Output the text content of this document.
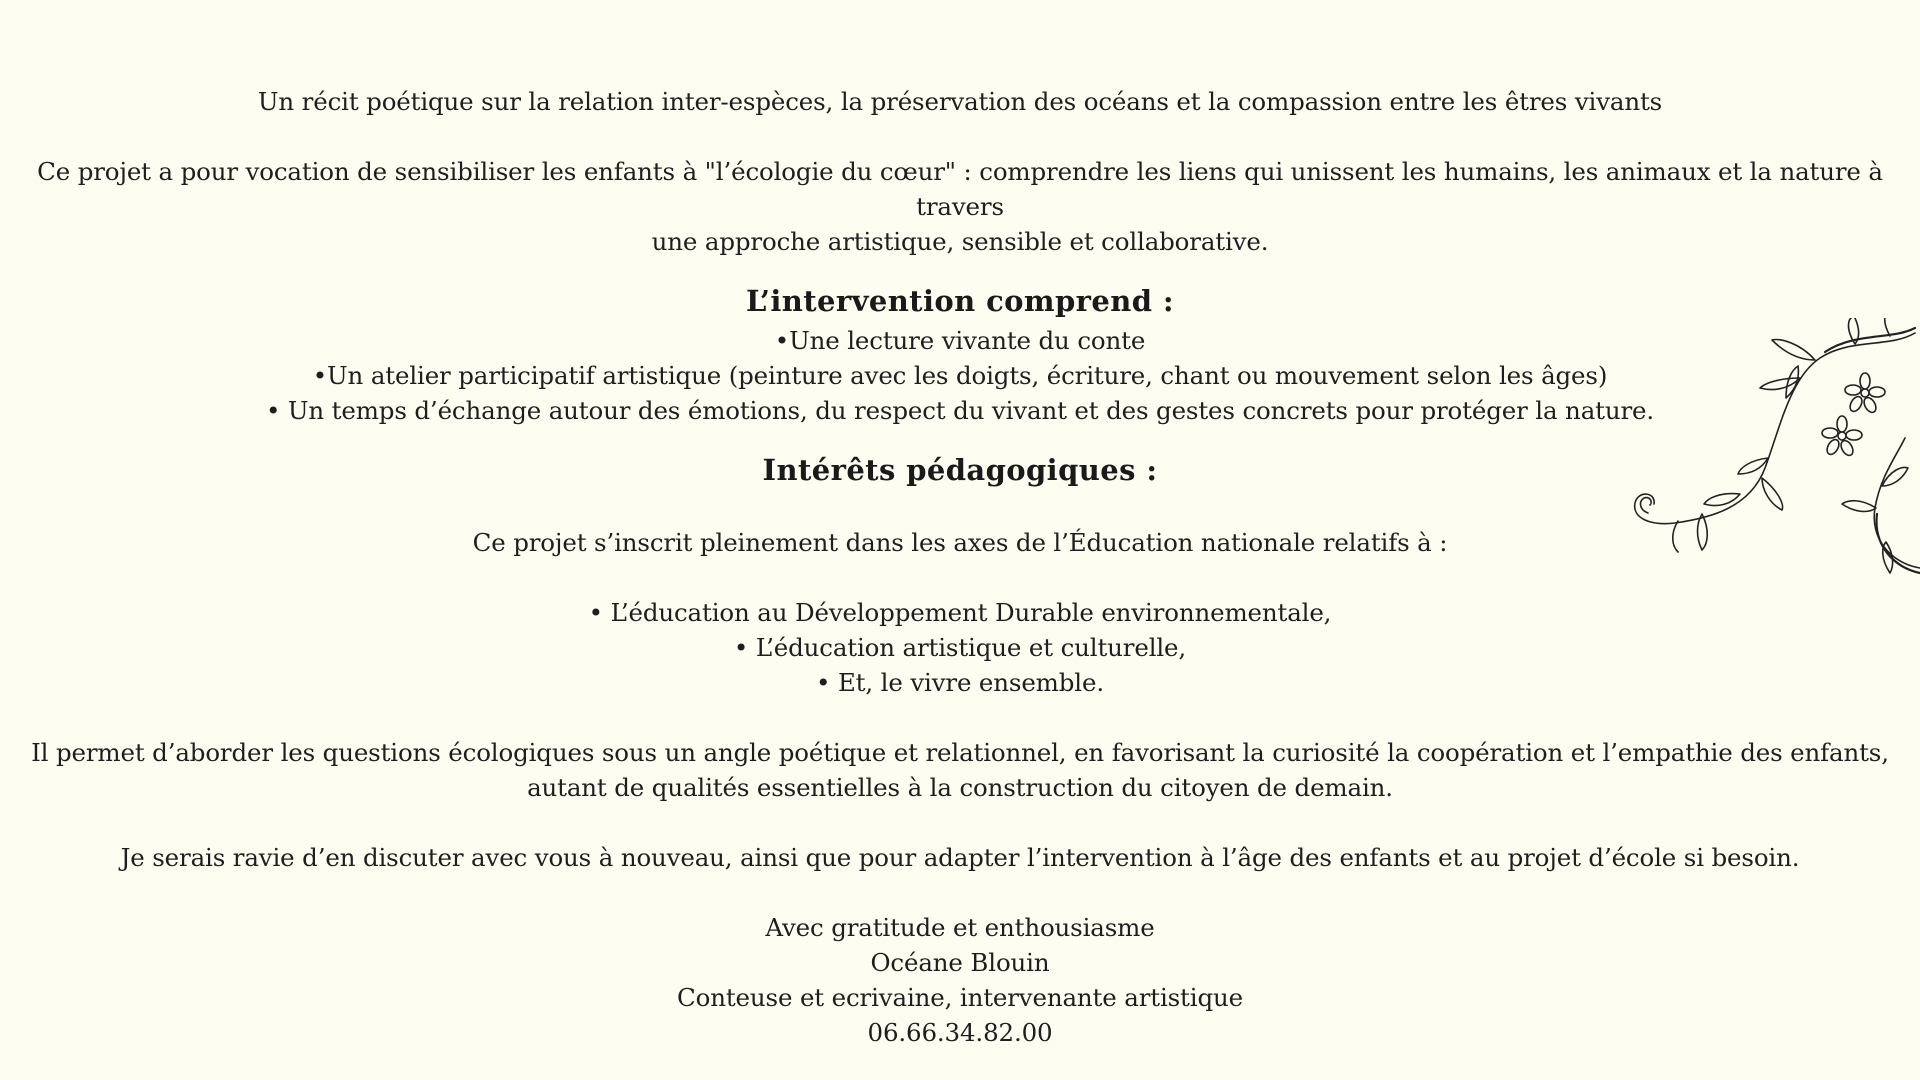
Un récit poétique sur la relation inter-espèces, la préservation des océans et la compassion entre les êtres vivants

Ce projet a pour vocation de sensibiliser les enfants à "l’écologie du cœur" : comprendre les liens qui unissent les humains, les animaux et la nature à travers

une approche artistique, sensible et collaborative.

L’intervention comprend :

•Une lecture vivante du conte

•Un atelier participatif artistique (peinture avec les doigts, écriture, chant ou mouvement selon les âges)

• Un temps d’échange autour des émotions, du respect du vivant et des gestes concrets pour protéger la nature.

Intérêts pédagogiques :

Ce projet s’inscrit pleinement dans les axes de l’Éducation nationale relatifs à :

• L’éducation au Développement Durable environnementale,

• L’éducation artistique et culturelle,

• Et, le vivre ensemble.

Il permet d’aborder les questions écologiques sous un angle poétique et relationnel, en favorisant la curiosité la coopération et l’empathie des enfants,

autant de qualités essentielles à la construction du citoyen de demain.

Je serais ravie d’en discuter avec vous à nouveau, ainsi que pour adapter l’intervention à l’âge des enfants et au projet d’école si besoin.

Avec gratitude et enthousiasme

Océane Blouin

Conteuse et ecrivaine, intervenante artistique

06.66.34.82.00
